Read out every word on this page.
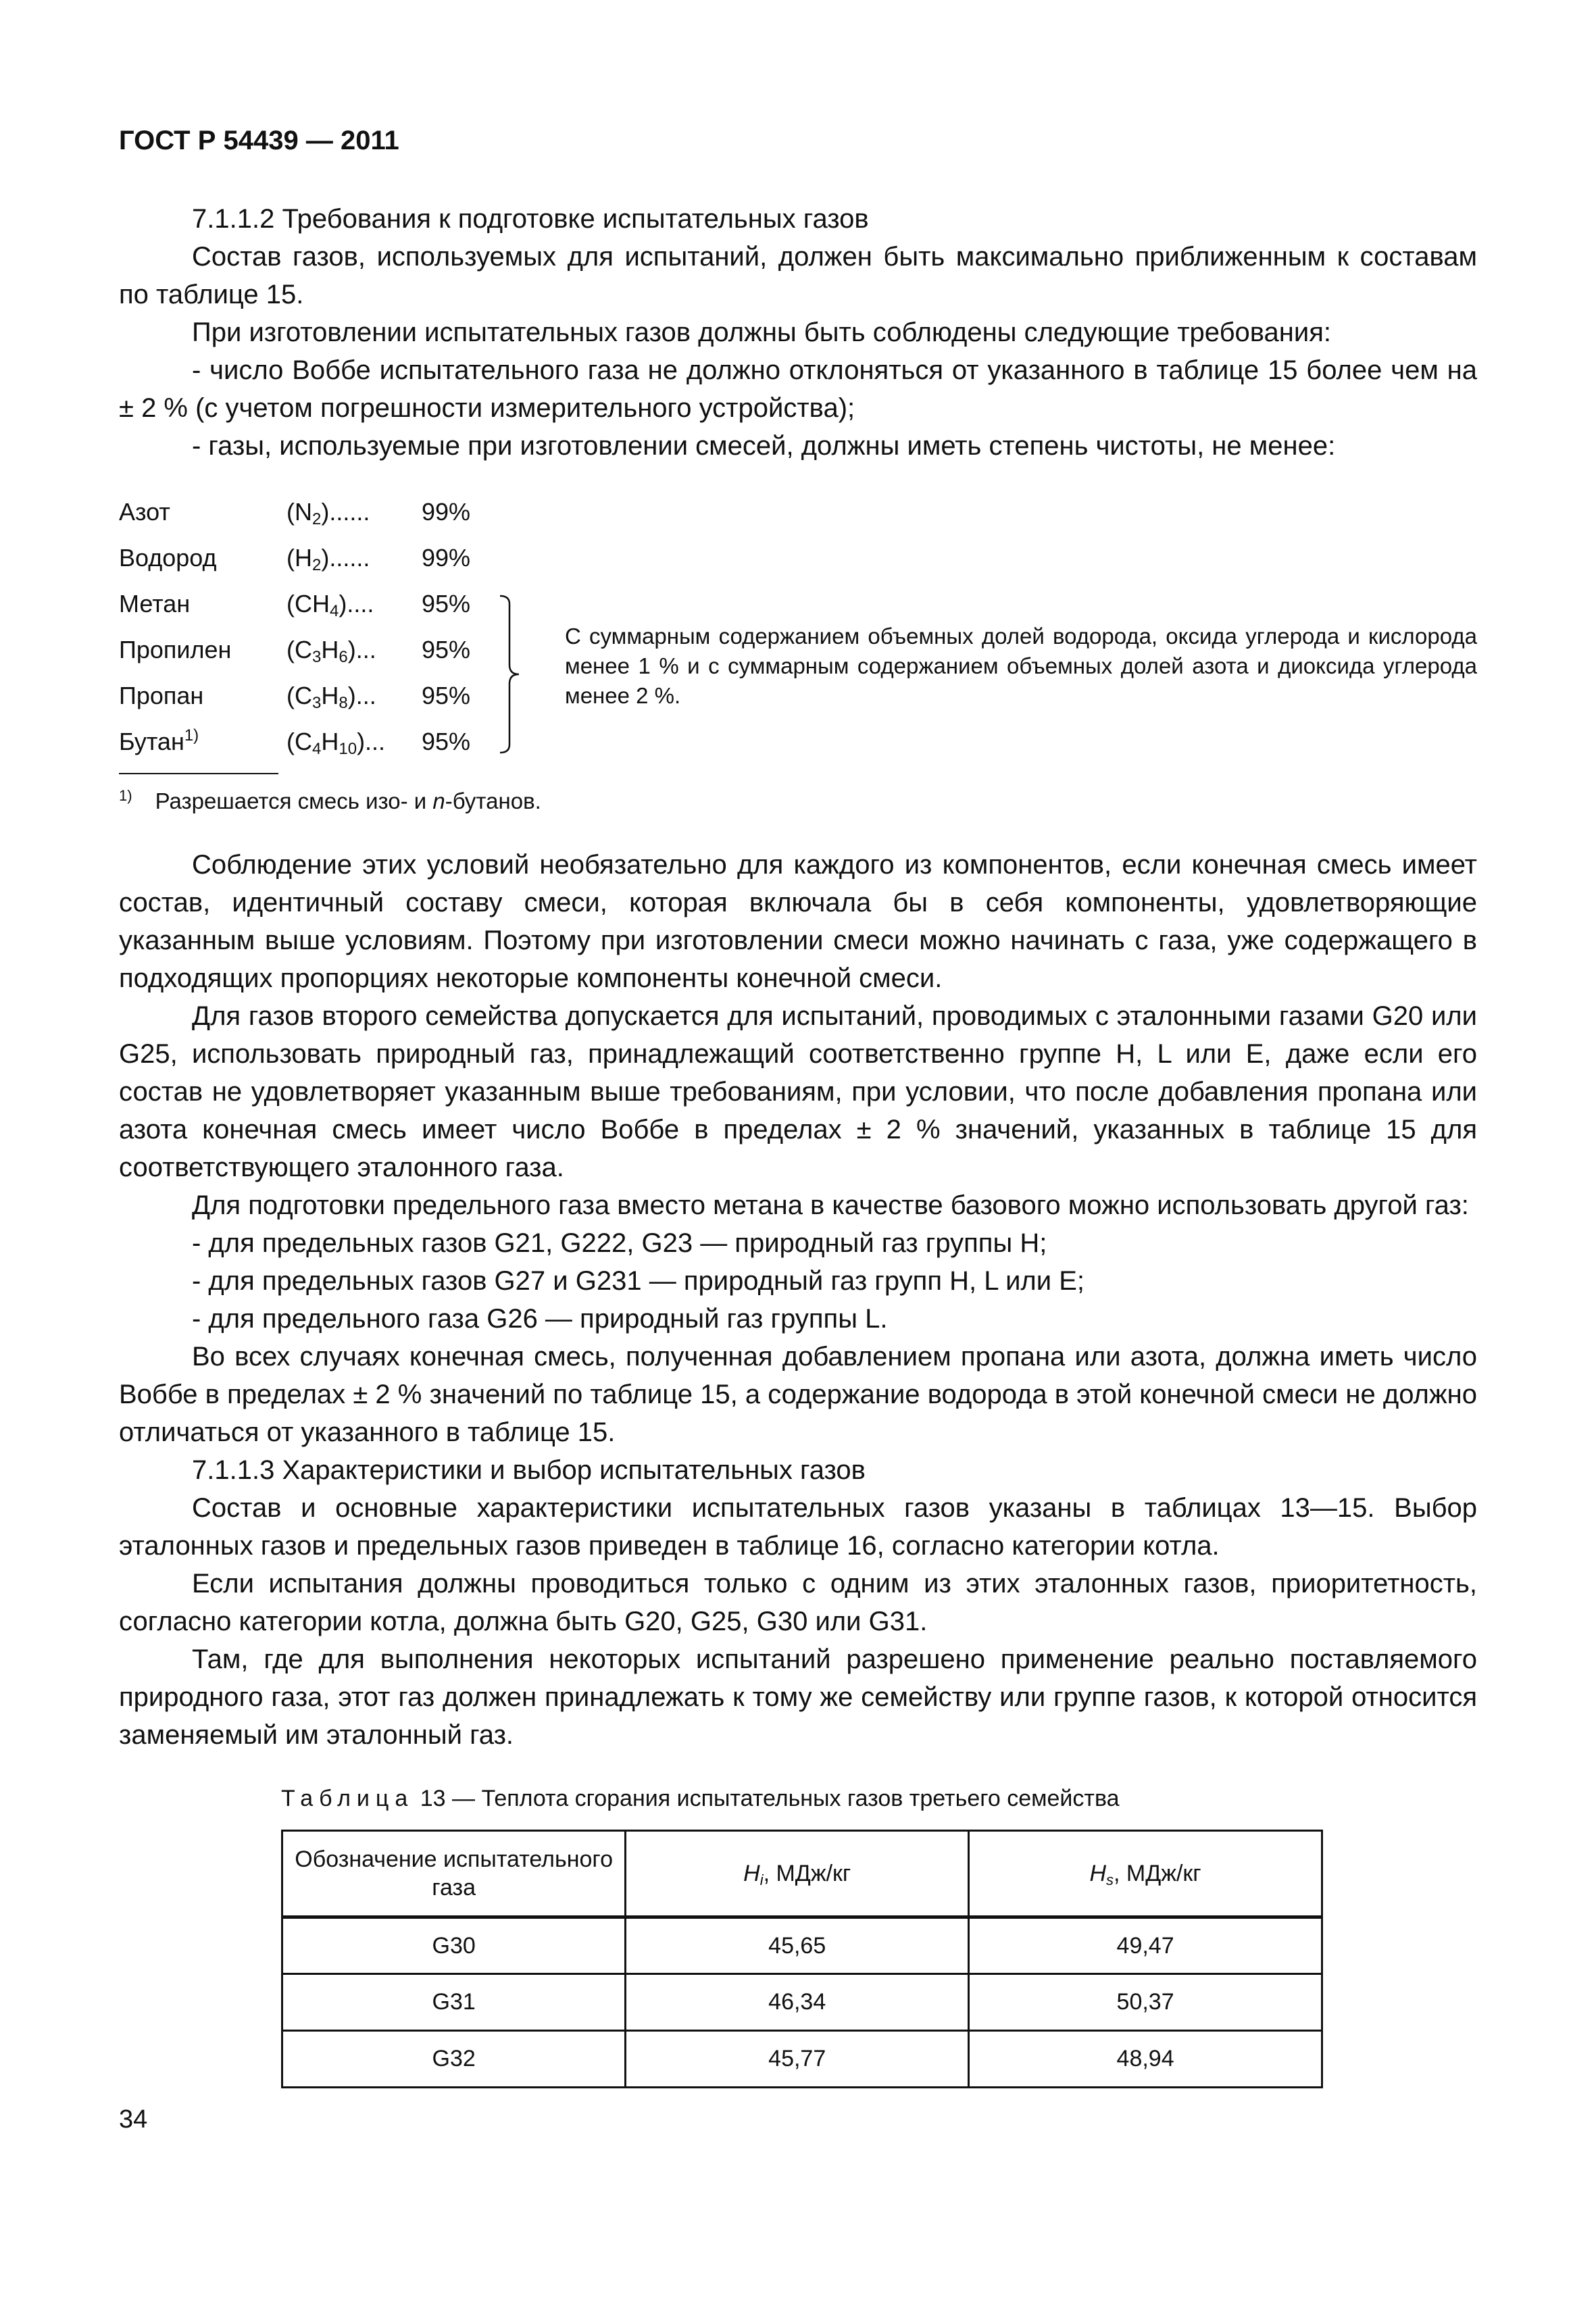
ГОСТ Р 54439 — 2011

7.1.1.2 Требования к подготовке испытательных газов

Состав газов, используемых для испытаний, должен быть максимально приближенным к составам по таблице 15.

При изготовлении испытательных газов должны быть соблюдены следующие требования:

- число Воббе испытательного газа не должно отклоняться от указанного в таблице 15 более чем на ± 2 % (с учетом погрешности измерительного устройства);

- газы, используемые при изготовлении смесей, должны иметь степень чистоты, не менее:

Азот	$(N_2)$...... 99%
Водород	$(H_2)$...... 99%
Метан	$(CH_4)$.... 95%
Пропилен $(C_3H_6)$... 95%
Пропан	$(C_3H_8)$... 95%
Бутан$^{1)}$	$(C_4H_{10})$... 95%
С суммарным содержанием объемных долей водорода, оксида углерода и кислорода менее 1 % и с суммарным содержанием объемных долей азота и диоксида углерода менее 2 %.
$^{1)}$ Разрешается смесь изо- и n-бутанов.

Соблюдение этих условий необязательно для каждого из компонентов, если конечная смесь имеет состав, идентичный составу смеси, которая включала бы в себя компоненты, удовлетворяющие указанным выше условиям. Поэтому при изготовлении смеси можно начинать с газа, уже содержащего в подходящих пропорциях некоторые компоненты конечной смеси.

Для газов второго семейства допускается для испытаний, проводимых с эталонными газами G20 или G25, использовать природный газ, принадлежащий соответственно группе H, L или E, даже если его состав не удовлетворяет указанным выше требованиям, при условии, что после добавления пропана или азота конечная смесь имеет число Воббе в пределах ± 2 % значений, указанных в таблице 15 для соответствующего эталонного газа.

Для подготовки предельного газа вместо метана в качестве базового можно использовать другой газ:

- для предельных газов G21, G222, G23 — природный газ группы H;

- для предельных газов G27 и G231 — природный газ групп H, L или E;

- для предельного газа G26 — природный газ группы L.

Во всех случаях конечная смесь, полученная добавлением пропана или азота, должна иметь число Воббе в пределах ± 2 % значений по таблице 15, а содержание водорода в этой конечной смеси не должно отличаться от указанного в таблице 15.

7.1.1.3 Характеристики и выбор испытательных газов

Состав и основные характеристики испытательных газов указаны в таблицах 13—15. Выбор эталонных газов и предельных газов приведен в таблице 16, согласно категории котла.

Если испытания должны проводиться только с одним из этих эталонных газов, приоритетность, согласно категории котла, должна быть G20, G25, G30 или G31.

Там, где для выполнения некоторых испытаний разрешено применение реально поставляемого природного газа, этот газ должен принадлежать к тому же семейству или группе газов, к которой относится заменяемый им эталонный газ.

Таблица 13 — Теплота сгорания испытательных газов третьего семейства
Обозначение испытательного газа	$H_i$, МДж/кг	$H_s$, МДж/кг
G30	45,65	49,47
G31	46,34	50,37
G32	45,77	48,94
34
